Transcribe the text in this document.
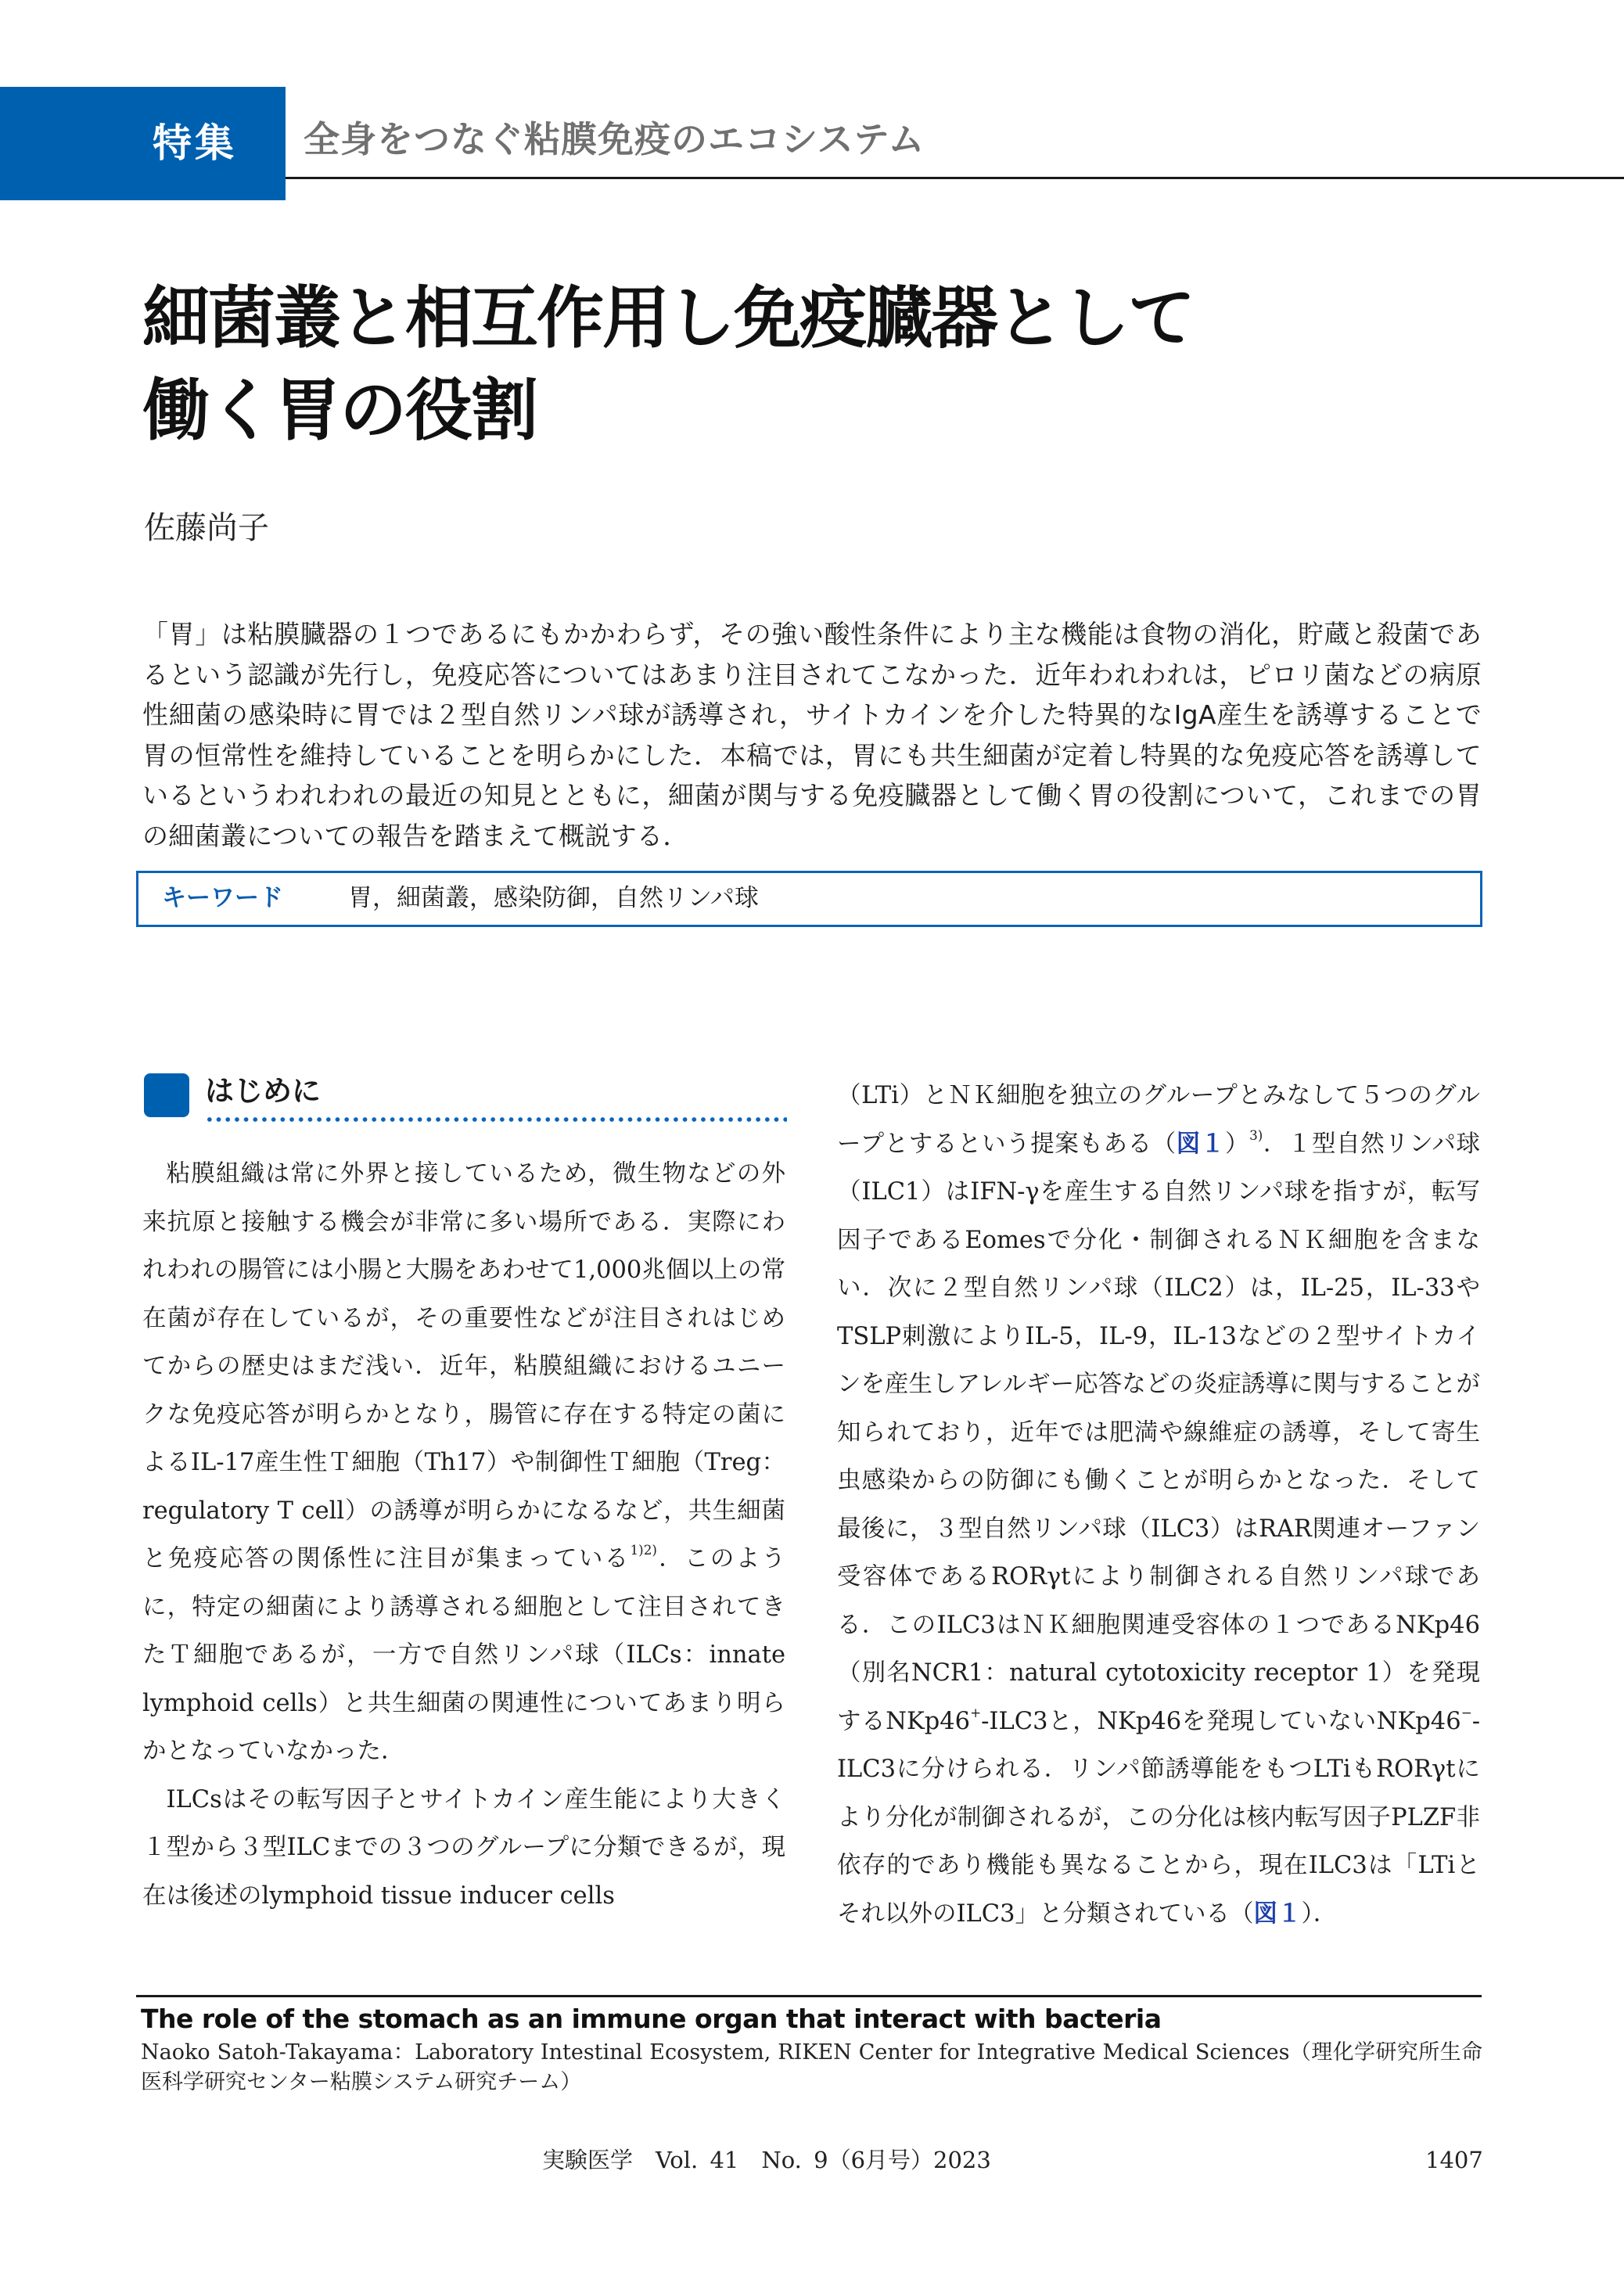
特集 全身をつなぐ粘膜免疫のエコシステム
細菌叢と相互作用し免疫臓器として
働く胃の役割
佐藤尚子

「胃」は粘膜臓器の１つであるにもかかわらず，その強い酸性条件により主な機能は食物の消化，貯蔵と殺菌であるという認識が先行し，免疫応答についてはあまり注目されてこなかった．近年われわれは，ピロリ菌などの病原性細菌の感染時に胃では２型自然リンパ球が誘導され，サイトカインを介した特異的なIgA産生を誘導することで胃の恒常性を維持していることを明らかにした．本稿では，胃にも共生細菌が定着し特異的な免疫応答を誘導しているというわれわれの最近の知見とともに，細菌が関与する免疫臓器として働く胃の役割について，これまでの胃の細菌叢についての報告を踏まえて概説する．

キーワード	胃，細菌叢，感染防御，自然リンパ球
はじめに

粘膜組織は常に外界と接しているため，微生物などの外来抗原と接触する機会が非常に多い場所である．実際にわれわれの腸管には小腸と大腸をあわせて1,000兆個以上の常在菌が存在しているが，その重要性などが注目されはじめてからの歴史はまだ浅い．近年，粘膜組織におけるユニークな免疫応答が明らかとなり，腸管に存在する特定の菌によるIL-17産生性Ｔ細胞（Th17）や制御性Ｔ細胞（Treg：regulatory T cell）の誘導が明らかになるなど，共生細菌と免疫応答の関係性に注目が集まっている$^{1)2)}$．このように，特定の細菌により誘導される細胞として注目されてきたＴ細胞であるが，一方で自然リンパ球（ILCs：innate lymphoid cells）と共生細菌の関連性についてあまり明らかとなっていなかった．

ILCsはその転写因子とサイトカイン産生能により大きく１型から３型ILCまでの３つのグループに分類できるが，現在は後述のlymphoid tissue inducer cells

（LTi）とＮＫ細胞を独立のグループとみなして５つのグループとするという提案もある（図１）$^{3)}$．１型自然リンパ球（ILC1）はIFN-γを産生する自然リンパ球を指すが，転写因子であるEomesで分化・制御されるＮＫ細胞を含まない．次に２型自然リンパ球（ILC2）は，IL-25，IL-33やTSLP刺激によりIL-5，IL-9，IL-13などの２型サイトカインを産生しアレルギー応答などの炎症誘導に関与することが知られており，近年では肥満や線維症の誘導，そして寄生虫感染からの防御にも働くことが明らかとなった．そして最後に，３型自然リンパ球（ILC3）はRAR関連オーファン受容体であるRORγtにより制御される自然リンパ球である．このILC3はＮＫ細胞関連受容体の１つであるNKp46（別名NCR1：natural cytotoxicity receptor 1）を発現するNKp46+-ILC3と，NKp46を発現していないNKp46−-ILC3に分けられる．リンパ節誘導能をもつLTiもRORγtにより分化が制御されるが，この分化は核内転写因子PLZF非依存的であり機能も異なることから，現在ILC3は「LTiとそれ以外のILC3」と分類されている（図１）．

The role of the stomach as an immune organ that interact with bacteria
Naoko Satoh-Takayama：Laboratory Intestinal Ecosystem, RIKEN Center for Integrative Medical Sciences（理化学研究所生命医科学研究センター粘膜システム研究チーム）
実験医学　Vol. 41　No. 9（6月号）2023	1407
